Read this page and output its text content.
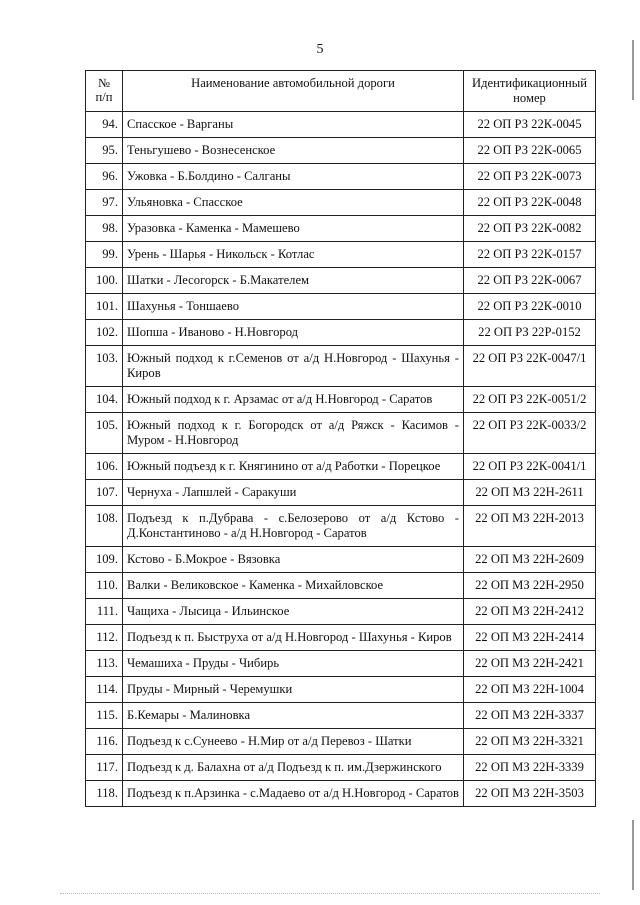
5
№
п/п	Наименование автомобильной дороги	Идентификационный номер
94.	Спасское - Варганы	22 ОП РЗ 22К-0045
95.	Теньгушево - Вознесенское	22 ОП РЗ 22К-0065
96.	Ужовка - Б.Болдино - Салганы	22 ОП РЗ 22К-0073
97.	Ульяновка - Спасское	22 ОП РЗ 22К-0048
98.	Уразовка - Каменка - Мамешево	22 ОП РЗ 22К-0082
99.	Урень - Шарья - Никольск - Котлас	22 ОП РЗ 22К-0157
100.	Шатки - Лесогорск - Б.Макателем	22 ОП РЗ 22К-0067
101.	Шахунья - Тоншаево	22 ОП РЗ 22К-0010
102.	Шопша - Иваново - Н.Новгород	22 ОП РЗ 22Р-0152
103.	Южный подход к г.Семенов от а/д Н.Новгород - Шахунья - Киров	22 ОП РЗ 22К-0047/1
104.	Южный подход к г. Арзамас от а/д Н.Новгород - Саратов	22 ОП РЗ 22К-0051/2
105.	Южный подход к г. Богородск от а/д Ряжск - Касимов - Муром - Н.Новгород	22 ОП РЗ 22К-0033/2
106.	Южный подъезд к г. Княгинино от а/д Работки - Порецкое	22 ОП РЗ 22К-0041/1
107.	Чернуха - Лапшлей - Саракуши	22 ОП МЗ 22Н-2611
108.	Подъезд к п.Дубрава - с.Белозерово от а/д Кстово - Д.Константиново - а/д Н.Новгород - Саратов	22 ОП МЗ 22Н-2013
109.	Кстово - Б.Мокрое - Вязовка	22 ОП МЗ 22Н-2609
110.	Валки - Великовское - Каменка - Михайловское	22 ОП МЗ 22Н-2950
111.	Чащиха - Лысица - Ильинское	22 ОП МЗ 22Н-2412
112.	Подъезд к п. Быструха от а/д Н.Новгород - Шахунья - Киров	22 ОП МЗ 22Н-2414
113.	Чемашиха - Пруды - Чибирь	22 ОП МЗ 22Н-2421
114.	Пруды - Мирный - Черемушки	22 ОП МЗ 22Н-1004
115.	Б.Кемары - Малиновка	22 ОП МЗ 22Н-3337
116.	Подъезд к с.Сунеево - Н.Мир от а/д Перевоз - Шатки	22 ОП МЗ 22Н-3321
117.	Подъезд к д. Балахна от а/д Подъезд к п. им.Дзержинского	22 ОП МЗ 22Н-3339
118.	Подъезд к п.Арзинка - с.Мадаево от а/д Н.Новгород - Саратов	22 ОП МЗ 22Н-3503
